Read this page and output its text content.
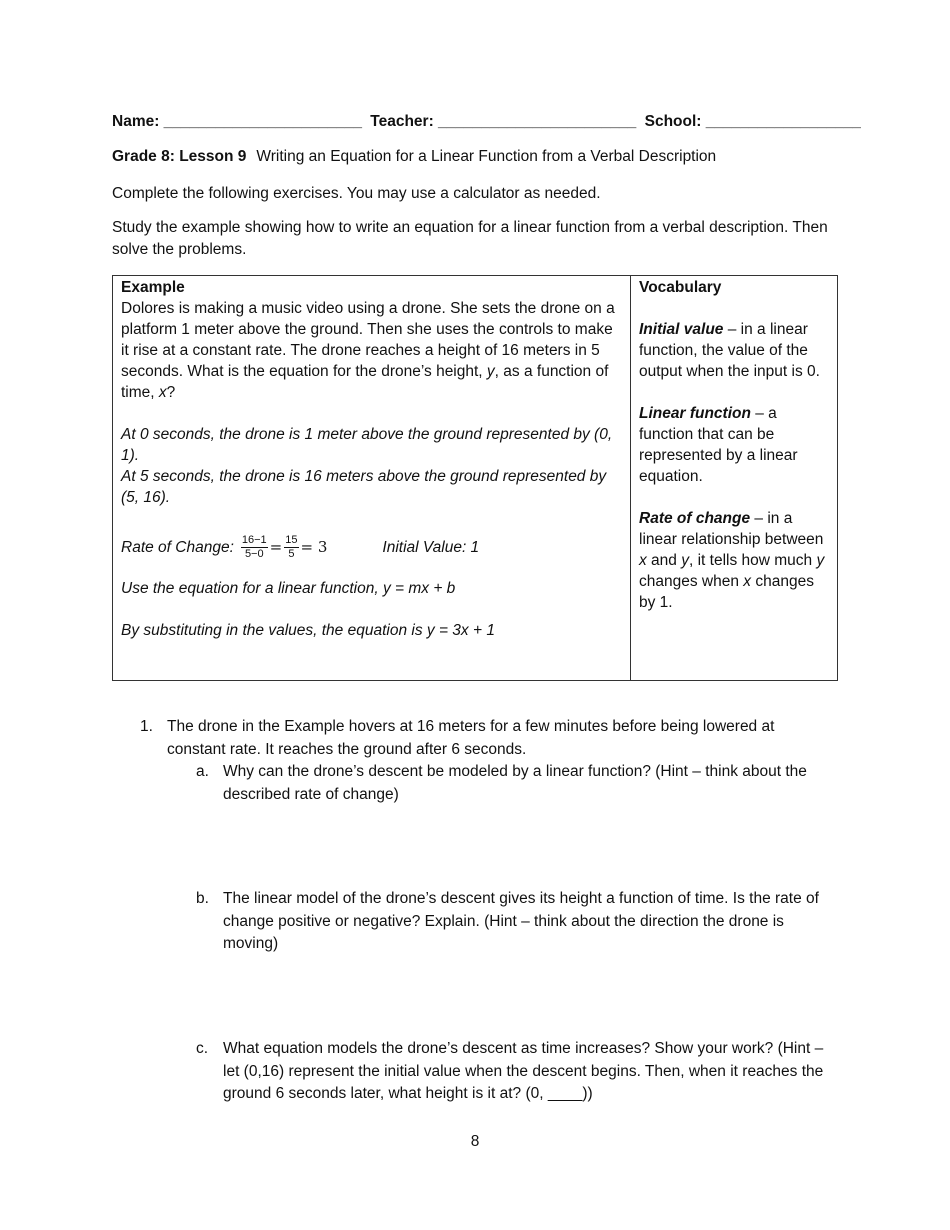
Name: _______________________ Teacher: _______________________ School: __________________
Grade 8: Lesson 9 Writing an Equation for a Linear Function from a Verbal Description
Complete the following exercises. You may use a calculator as needed.
Study the example showing how to write an equation for a linear function from a verbal description. Then solve the problems.
Example
Dolores is making a music video using a drone. She sets the drone on a platform 1 meter above the ground. Then she uses the controls to make it rise at a constant rate. The drone reaches a height of 16 meters in 5 seconds. What is the equation for the drone’s height, y, as a function of time, x?
At 0 seconds, the drone is 1 meter above the ground represented by (0, 1).
At 5 seconds, the drone is 16 meters above the ground represented by (5, 16).
Rate of Change: $\frac{16-1}{5-0} = \frac{15}{5} = 3$	Initial Value: 1
Use the equation for a linear function, y = mx + b
By substituting in the values, the equation is y = 3x + 1
Vocabulary
Initial value – in a linear function, the value of the output when the input is 0.
Linear function – a function that can be represented by a linear equation.
Rate of change – in a linear relationship between x and y, it tells how much y changes when x changes by 1.
1. The drone in the Example hovers at 16 meters for a few minutes before being lowered at constant rate. It reaches the ground after 6 seconds.
a. Why can the drone’s descent be modeled by a linear function? (Hint – think about the described rate of change)
b. The linear model of the drone’s descent gives its height a function of time. Is the rate of change positive or negative? Explain. (Hint – think about the direction the drone is moving)
c. What equation models the drone’s descent as time increases? Show your work? (Hint – let (0,16) represent the initial value when the descent begins. Then, when it reaches the ground 6 seconds later, what height is it at? (0, ____))
8
